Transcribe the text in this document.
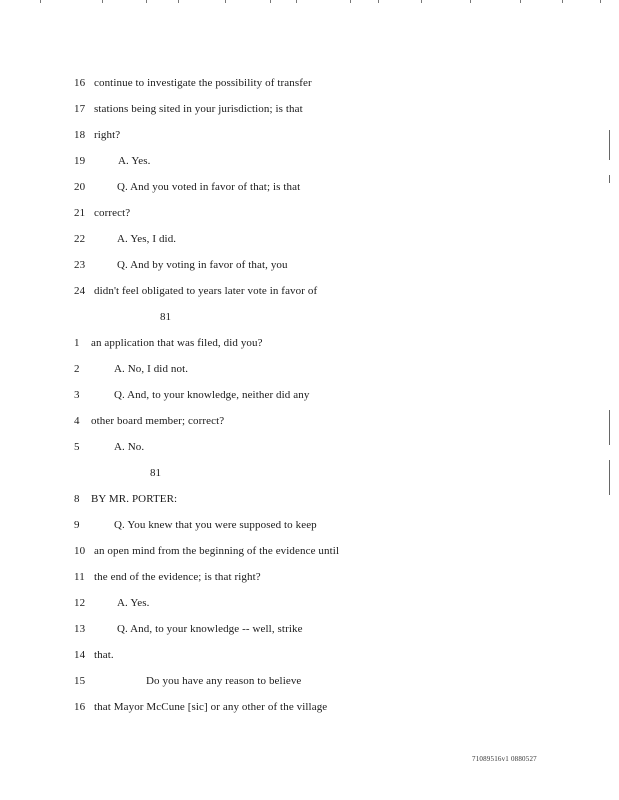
16 continue to investigate the possibility of transfer
17 stations being sited in your jurisdiction; is that
18 right?
19	A. Yes.
20	Q. And you voted in favor of that; is that
21 correct?
22	A. Yes, I did.
23	Q. And by voting in favor of that, you
24 didn't feel obligated to years later vote in favor of
81
1 an application that was filed, did you?
2	A. No, I did not.
3	Q. And, to your knowledge, neither did any
4 other board member; correct?
5	A. No.
81
8 BY MR. PORTER:
9	Q. You knew that you were supposed to keep
10 an open mind from the beginning of the evidence until
11 the end of the evidence; is that right?
12	A. Yes.
13	Q. And, to your knowledge -- well, strike
14 that.
15	Do you have any reason to believe
16 that Mayor McCune [sic] or any other of the village
71089516v1 0880527
